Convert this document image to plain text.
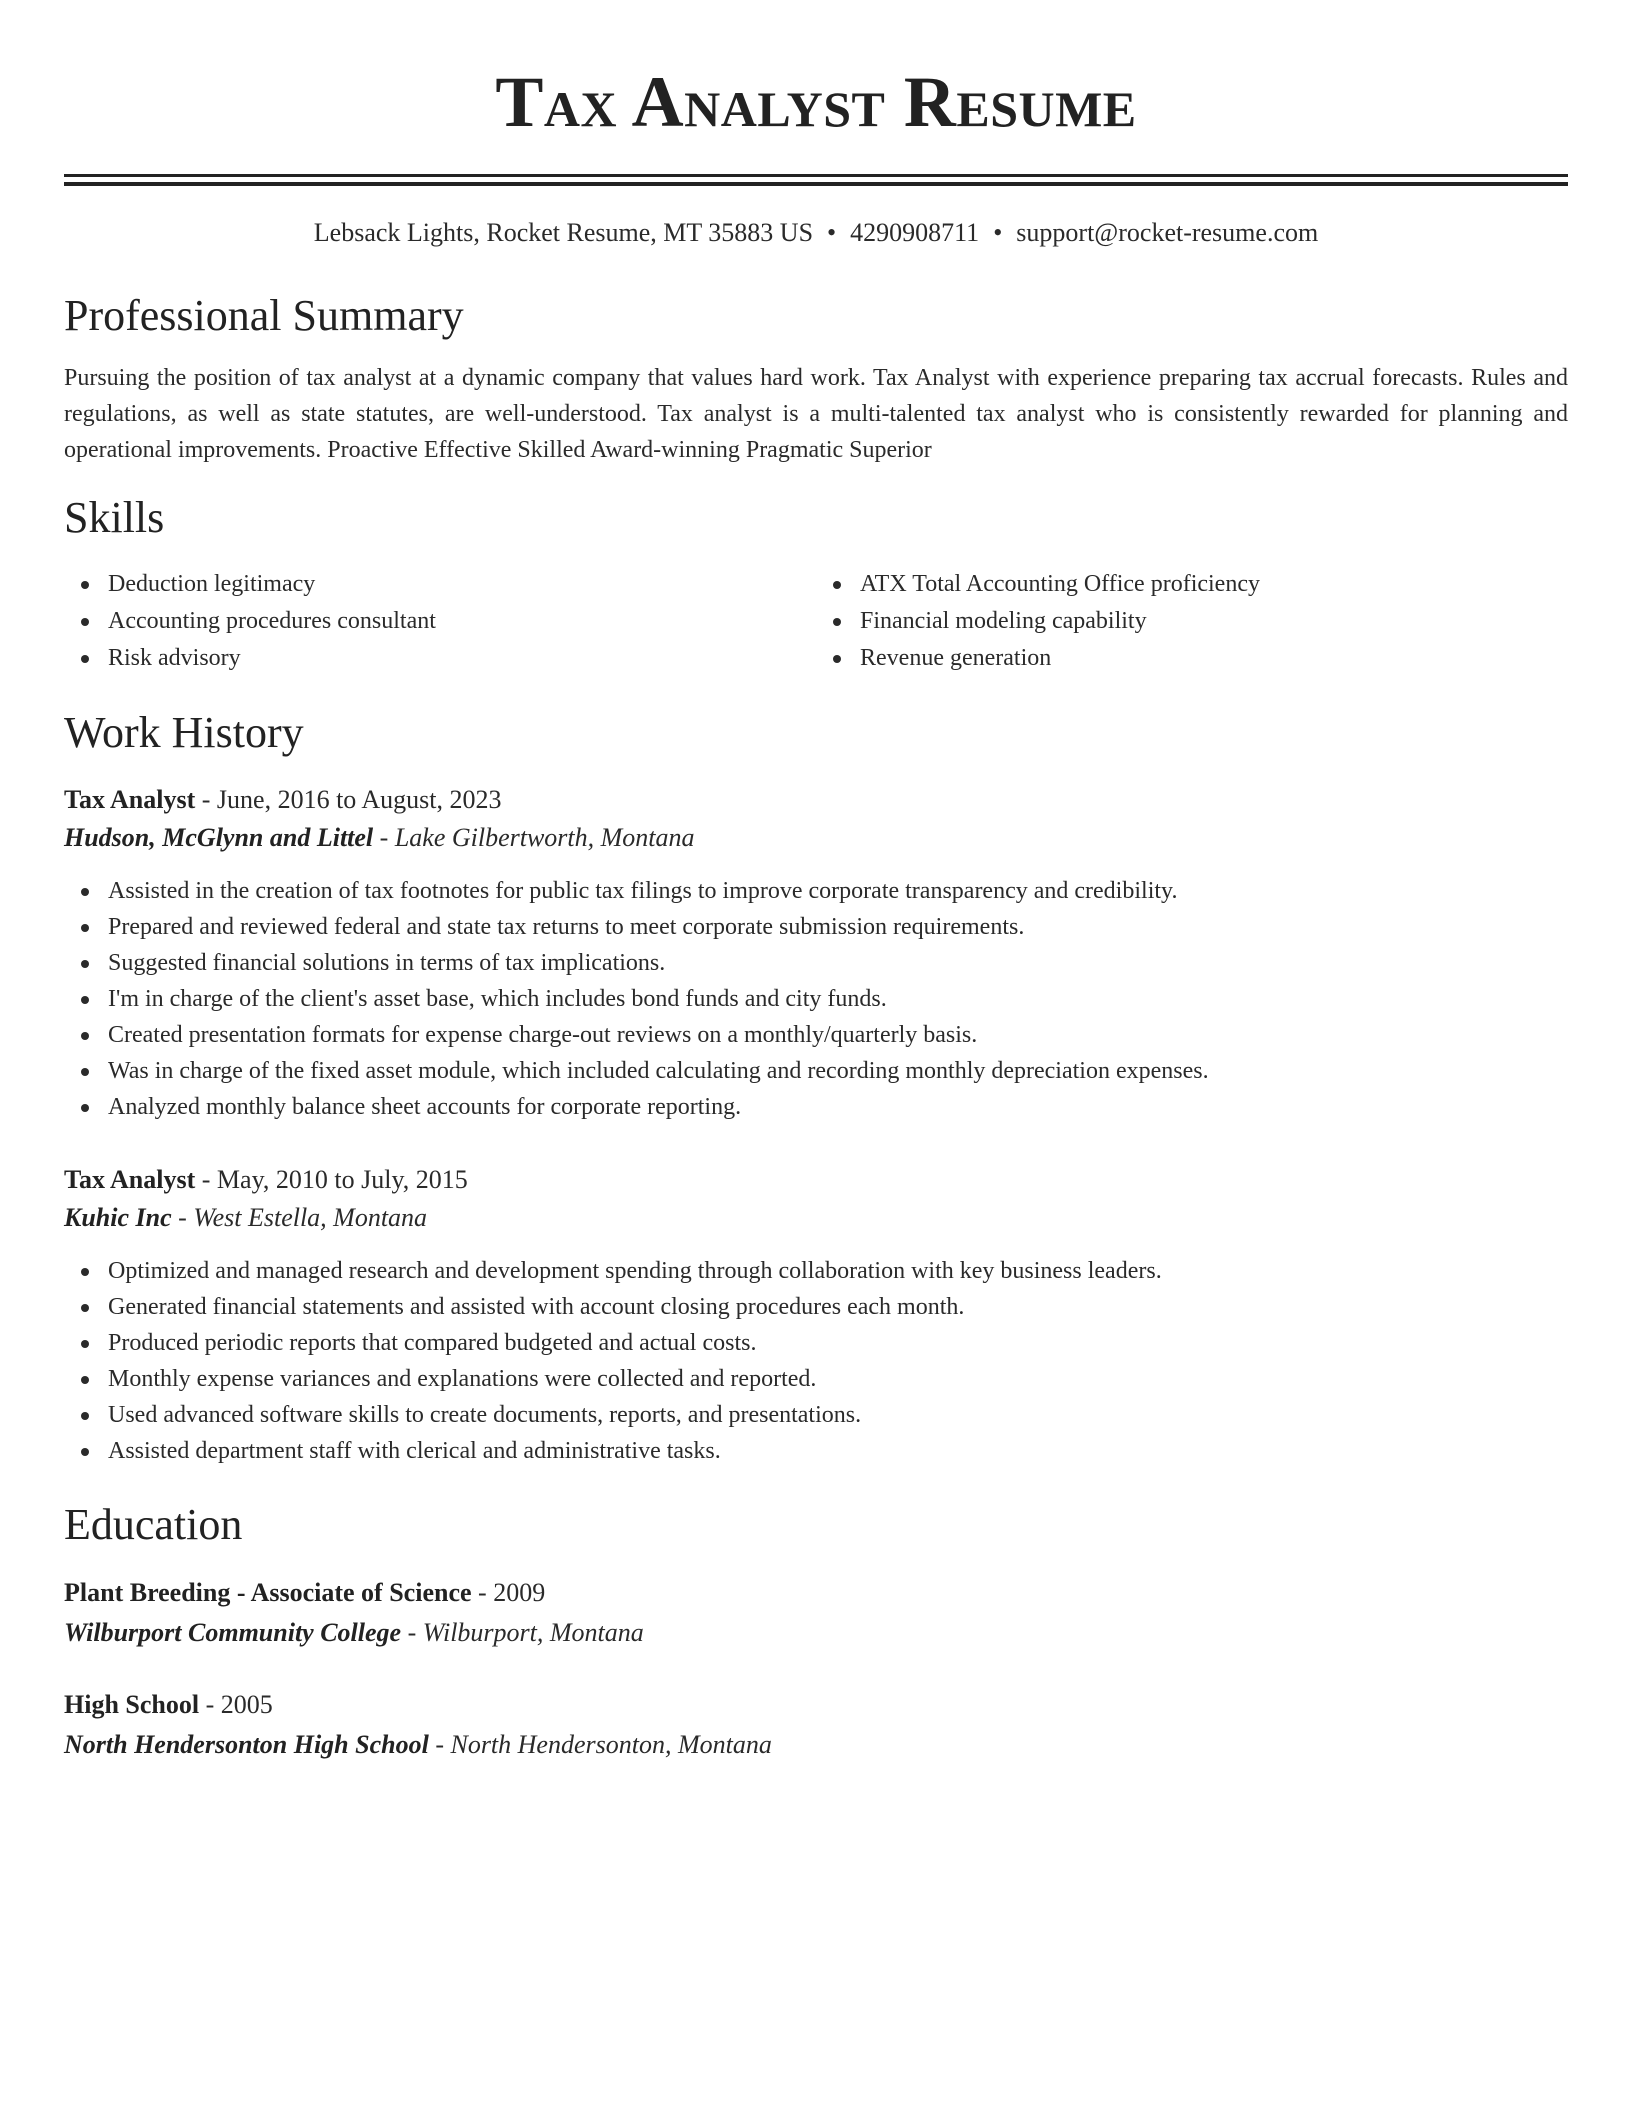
Tax Analyst Resume
Lebsack Lights, Rocket Resume, MT 35883 US • 4290908711 • support@rocket-resume.com
Professional Summary

Pursuing the position of tax analyst at a dynamic company that values hard work. Tax Analyst with experience preparing tax accrual forecasts. Rules and regulations, as well as state statutes, are well-understood. Tax analyst is a multi-talented tax analyst who is consistently rewarded for planning and operational improvements. Proactive Effective Skilled Award-winning Pragmatic Superior

Skills
Deduction legitimacy
Accounting procedures consultant
Risk advisory
ATX Total Accounting Office proficiency
Financial modeling capability
Revenue generation
Work History
Tax Analyst - June, 2016 to August, 2023
Hudson, McGlynn and Littel - Lake Gilbertworth, Montana
Assisted in the creation of tax footnotes for public tax filings to improve corporate transparency and credibility.
Prepared and reviewed federal and state tax returns to meet corporate submission requirements.
Suggested financial solutions in terms of tax implications.
I'm in charge of the client's asset base, which includes bond funds and city funds.
Created presentation formats for expense charge-out reviews on a monthly/quarterly basis.
Was in charge of the fixed asset module, which included calculating and recording monthly depreciation expenses.
Analyzed monthly balance sheet accounts for corporate reporting.
Tax Analyst - May, 2010 to July, 2015
Kuhic Inc - West Estella, Montana
Optimized and managed research and development spending through collaboration with key business leaders.
Generated financial statements and assisted with account closing procedures each month.
Produced periodic reports that compared budgeted and actual costs.
Monthly expense variances and explanations were collected and reported.
Used advanced software skills to create documents, reports, and presentations.
Assisted department staff with clerical and administrative tasks.
Education
Plant Breeding - Associate of Science - 2009
Wilburport Community College - Wilburport, Montana
High School - 2005
North Hendersonton High School - North Hendersonton, Montana
